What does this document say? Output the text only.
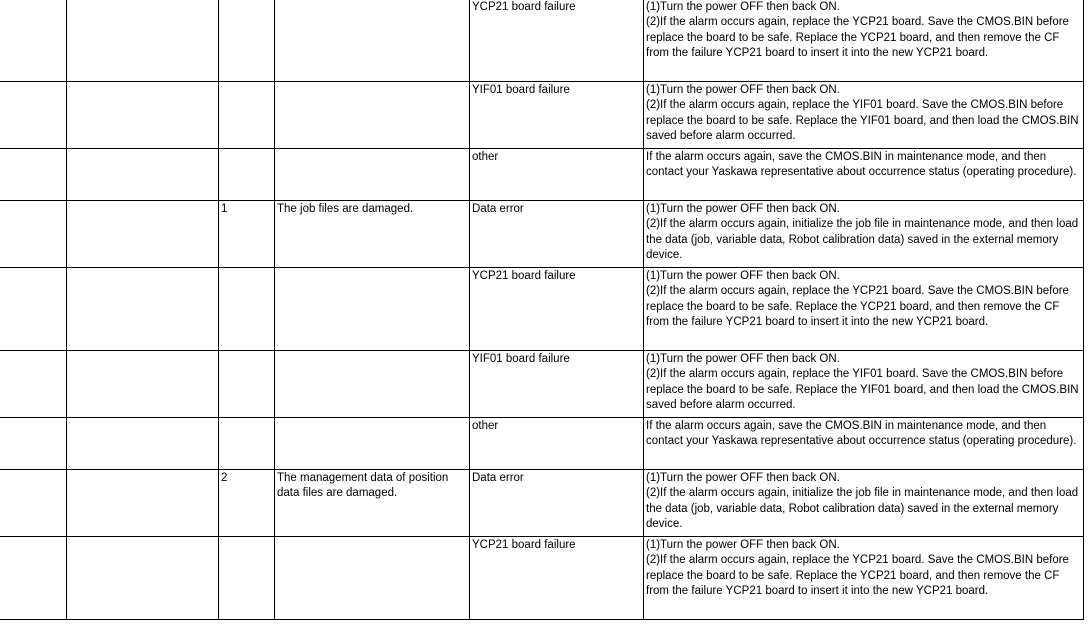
				YCP21 board failure	(1)Turn the power OFF then back ON.
(2)If the alarm occurs again, replace the YCP21 board. Save the CMOS.BIN before replace the board to be safe. Replace the YCP21 board, and then remove the CF from the failure YCP21 board to insert it into the new YCP21 board.
				YIF01 board failure	(1)Turn the power OFF then back ON.
(2)If the alarm occurs again, replace the YIF01 board. Save the CMOS.BIN before replace the board to be safe. Replace the YIF01 board, and then load the CMOS.BIN saved before alarm occurred.
				other	If the alarm occurs again, save the CMOS.BIN in maintenance mode, and then contact your Yaskawa representative about occurrence status (operating procedure).
		1	The job files are damaged.	Data error	(1)Turn the power OFF then back ON.
(2)If the alarm occurs again, initialize the job file in maintenance mode, and then load the data (job, variable data, Robot calibration data) saved in the external memory device.
				YCP21 board failure	(1)Turn the power OFF then back ON.
(2)If the alarm occurs again, replace the YCP21 board. Save the CMOS.BIN before replace the board to be safe. Replace the YCP21 board, and then remove the CF from the failure YCP21 board to insert it into the new YCP21 board.
				YIF01 board failure	(1)Turn the power OFF then back ON.
(2)If the alarm occurs again, replace the YIF01 board. Save the CMOS.BIN before replace the board to be safe. Replace the YIF01 board, and then load the CMOS.BIN saved before alarm occurred.
				other	If the alarm occurs again, save the CMOS.BIN in maintenance mode, and then contact your Yaskawa representative about occurrence status (operating procedure).
		2	The management data of position data files are damaged.	Data error	(1)Turn the power OFF then back ON.
(2)If the alarm occurs again, initialize the job file in maintenance mode, and then load the data (job, variable data, Robot calibration data) saved in the external memory device.
				YCP21 board failure	(1)Turn the power OFF then back ON.
(2)If the alarm occurs again, replace the YCP21 board. Save the CMOS.BIN before replace the board to be safe. Replace the YCP21 board, and then remove the CF from the failure YCP21 board to insert it into the new YCP21 board.
